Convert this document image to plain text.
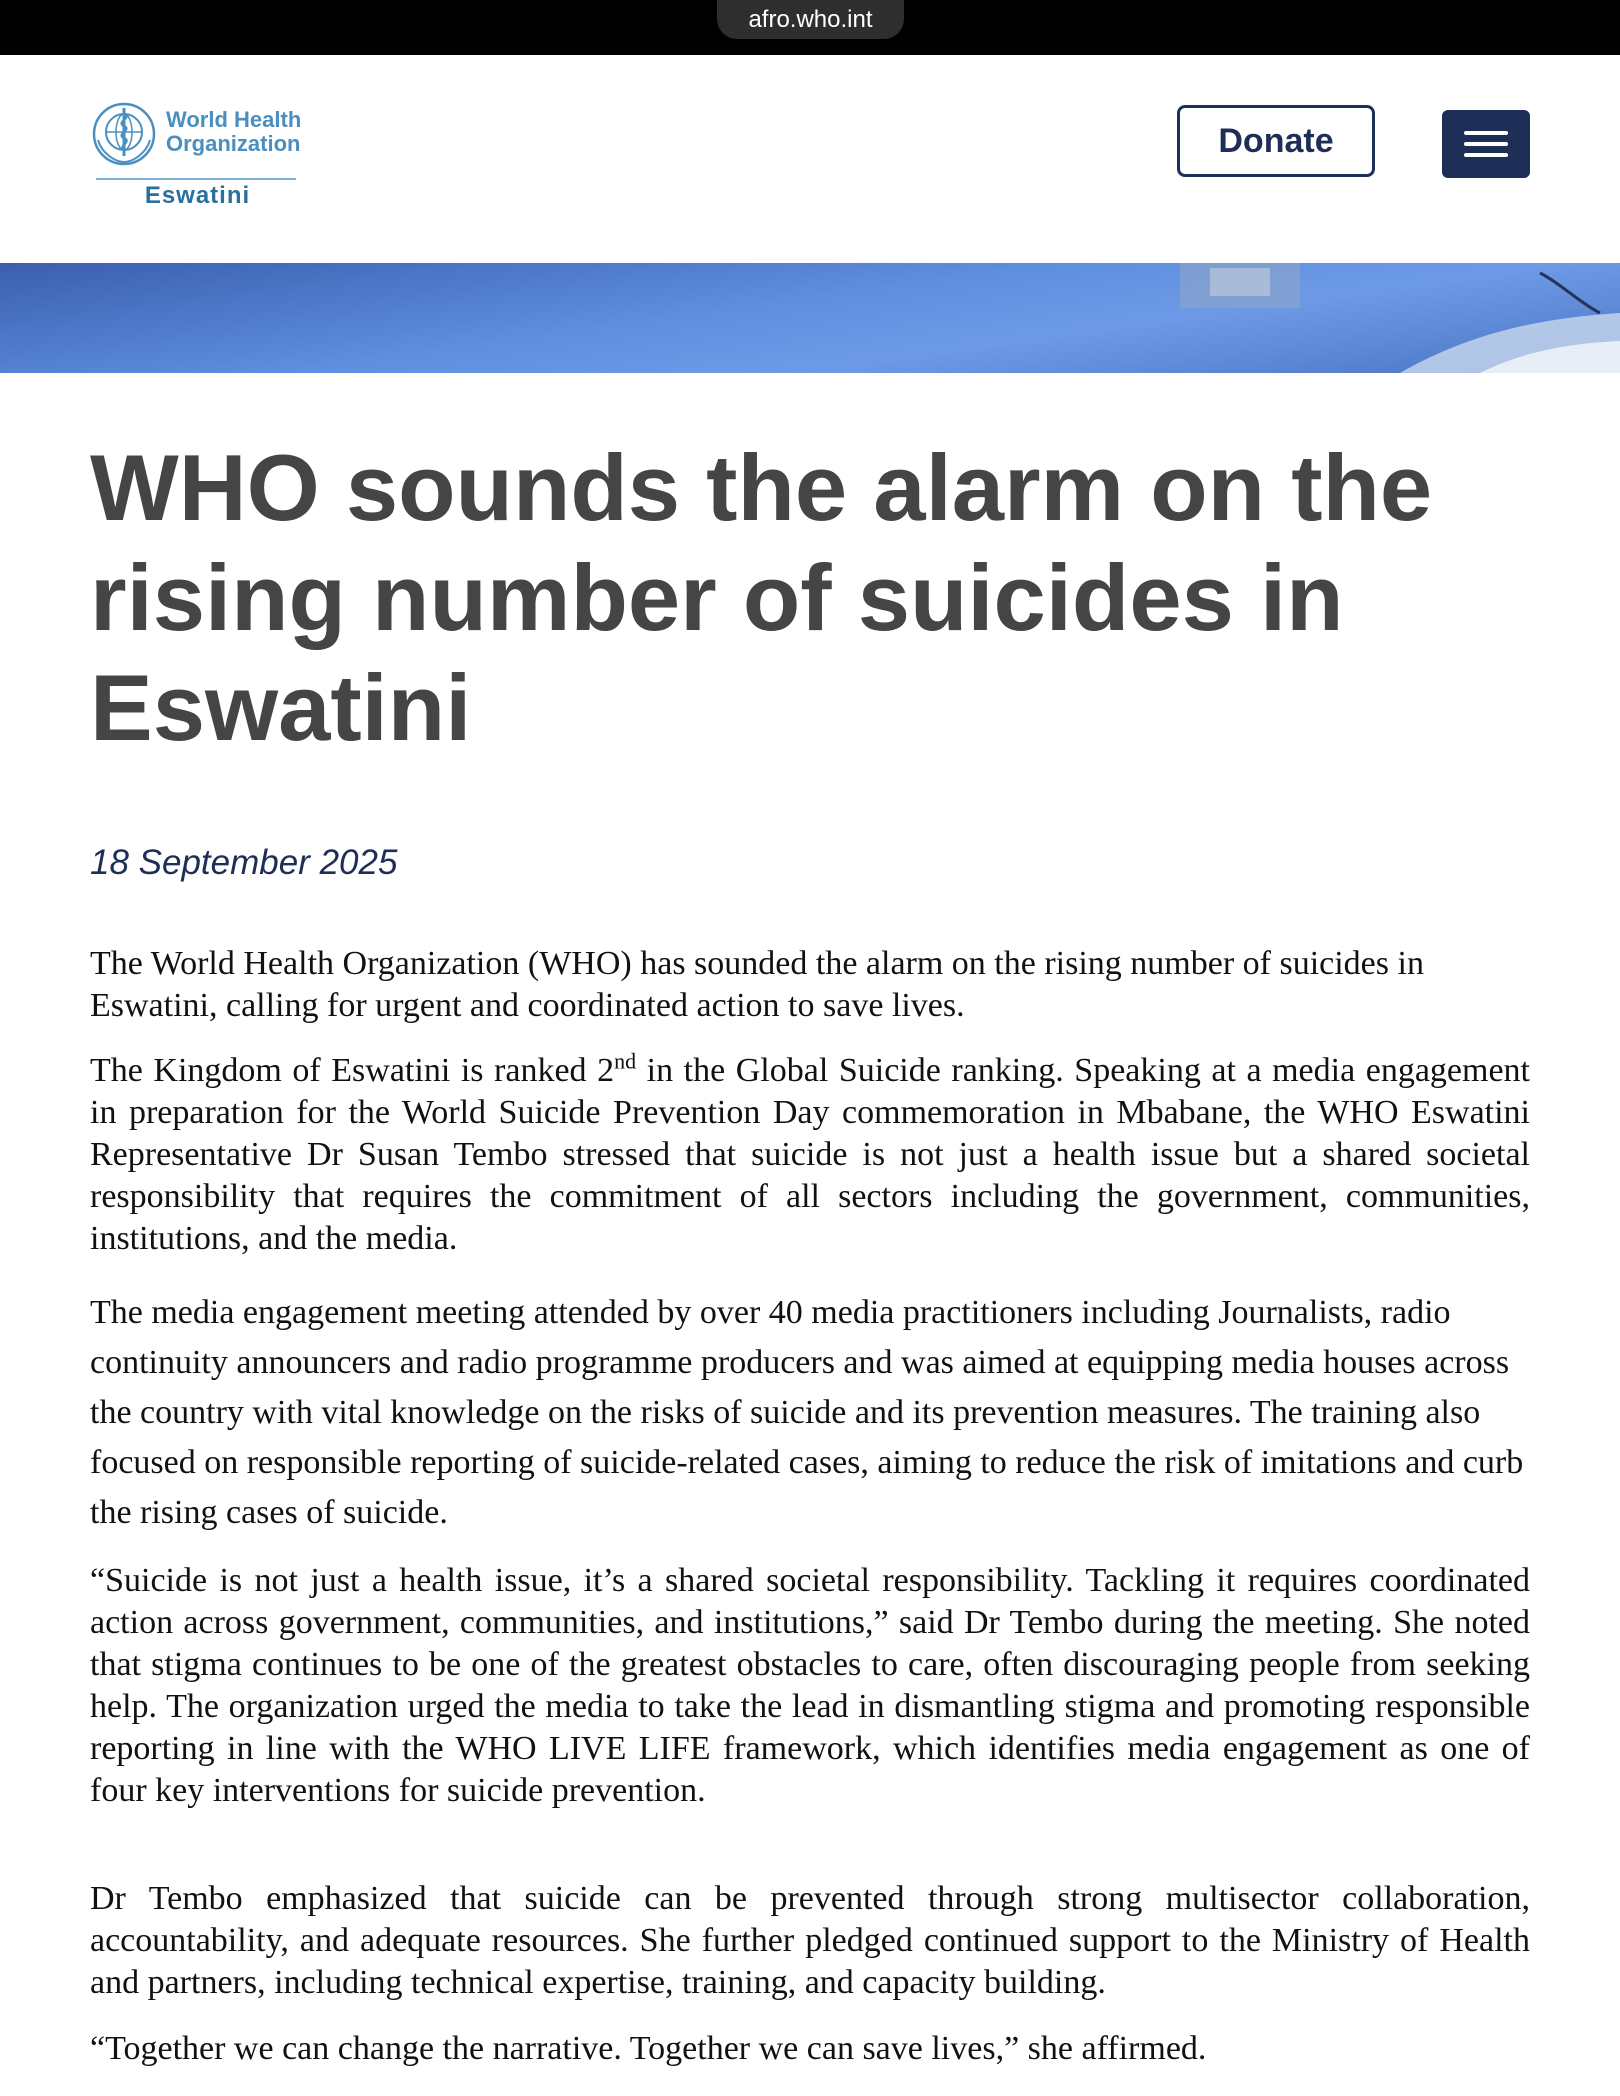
afro.who.int
World Health
Organization
Eswatini
Donate
WHO sounds the alarm on the rising number of suicides in Eswatini
18 September 2025

The World Health Organization (WHO) has sounded the alarm on the rising number of suicides in Eswatini, calling for urgent and coordinated action to save lives.

The Kingdom of Eswatini is ranked 2nd in the Global Suicide ranking. Speaking at a media engagement in preparation for the World Suicide Prevention Day commemoration in Mbabane, the WHO Eswatini Representative Dr Susan Tembo stressed that suicide is not just a health issue but a shared societal responsibility that requires the commitment of all sectors including the government, communities, institutions, and the media.

The media engagement meeting attended by over 40 media practitioners including Journalists, radio continuity announcers and radio programme producers and was aimed at equipping media houses across the country with vital knowledge on the risks of suicide and its prevention measures. The training also focused on responsible reporting of suicide-related cases, aiming to reduce the risk of imitations and curb the rising cases of suicide.

“Suicide is not just a health issue, it’s a shared societal responsibility. Tackling it requires coordinated action across government, communities, and institutions,” said Dr Tembo during the meeting. She noted that stigma continues to be one of the greatest obstacles to care, often discouraging people from seeking help. The organization urged the media to take the lead in dismantling stigma and promoting responsible reporting in line with the WHO LIVE LIFE framework, which identifies media engagement as one of four key interventions for suicide prevention.

Dr Tembo emphasized that suicide can be prevented through strong multisector collaboration, accountability, and adequate resources. She further pledged continued support to the Ministry of Health and partners, including technical expertise, training, and capacity building.

“Together we can change the narrative. Together we can save lives,” she affirmed.
